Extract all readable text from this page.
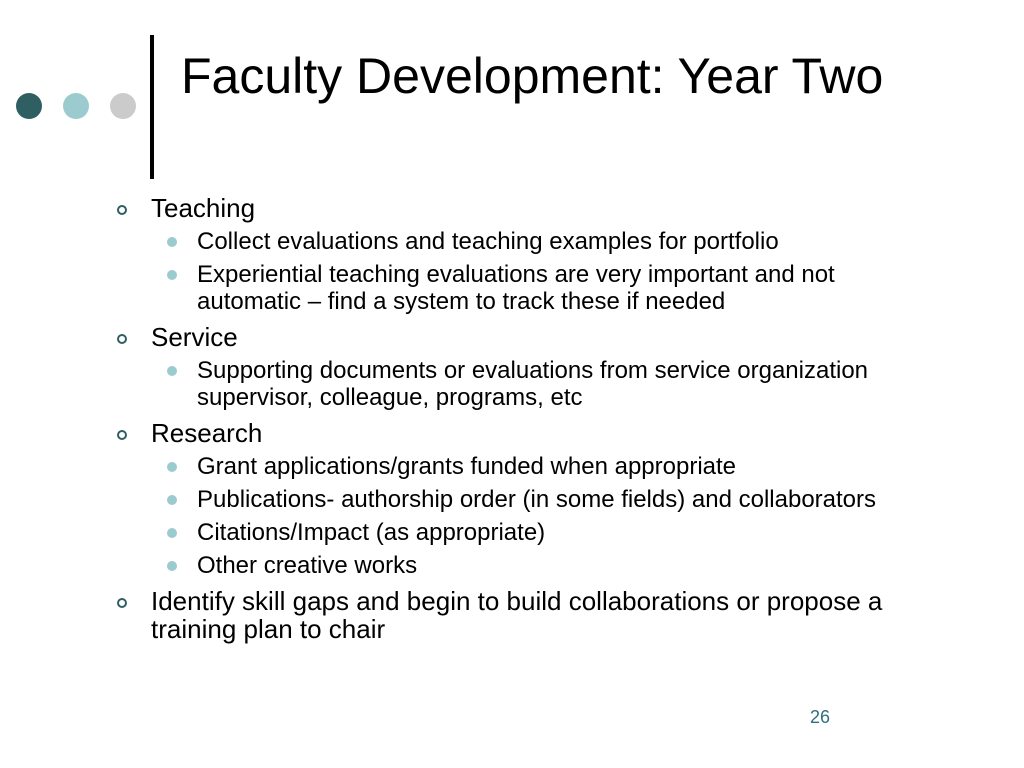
Faculty Development: Year Two
Teaching
Collect evaluations and teaching examples for portfolio
Experiential teaching evaluations are very important and not automatic – find a system to track these if needed
Service
Supporting documents or evaluations from service organization supervisor, colleague, programs, etc
Research
Grant applications/grants funded when appropriate
Publications- authorship order (in some fields) and collaborators
Citations/Impact (as appropriate)
Other creative works
Identify skill gaps and begin to build collaborations or propose a training plan to chair
26
